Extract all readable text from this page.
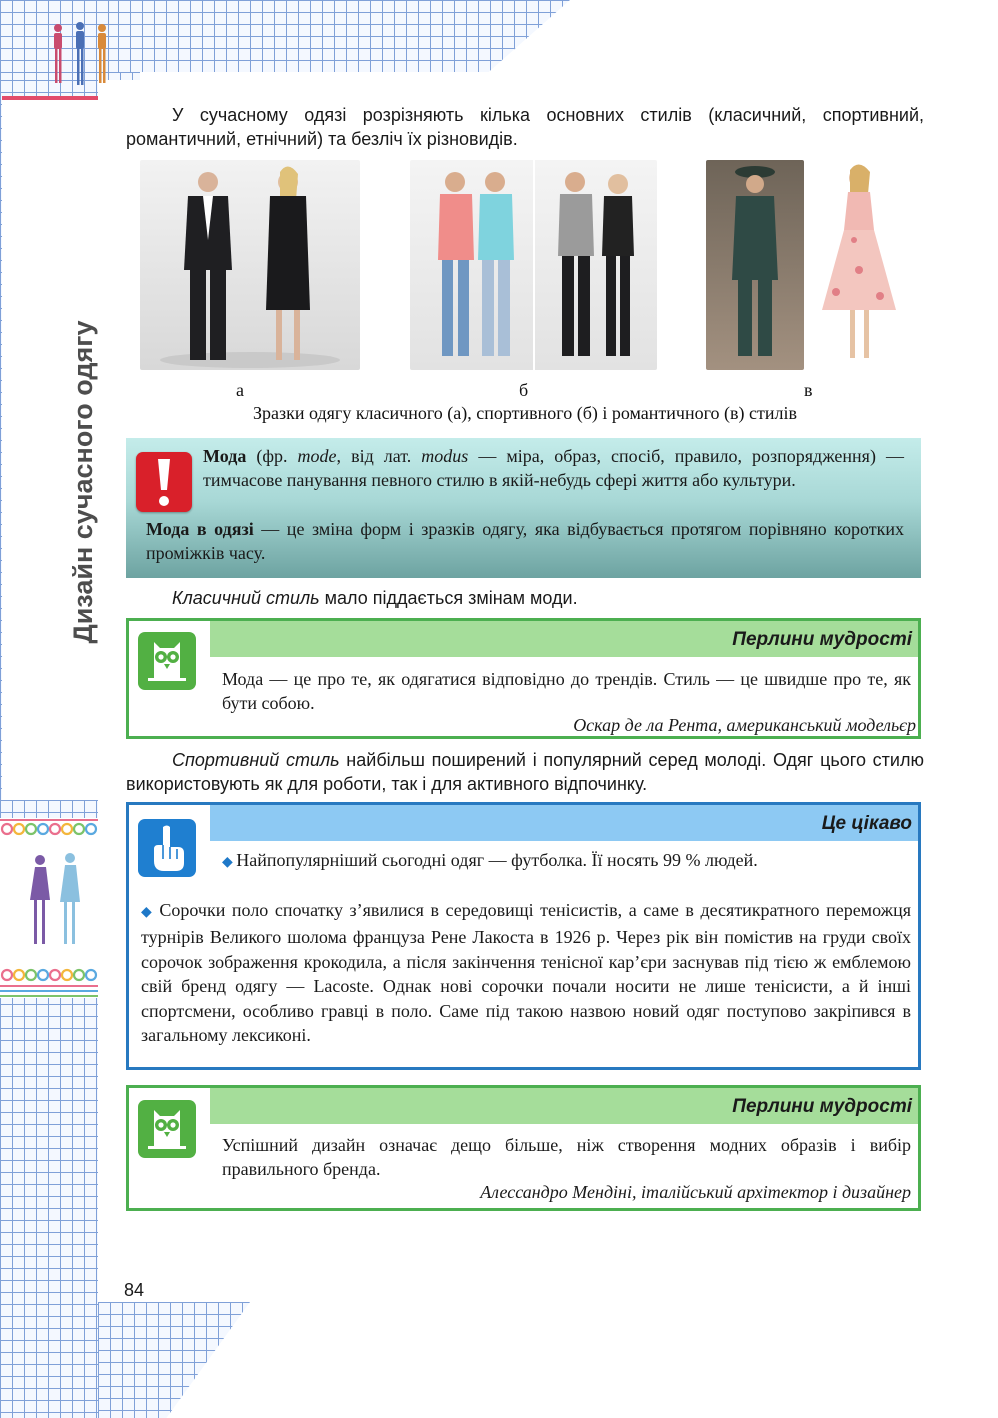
Дизайн сучасного одягу

У сучасному одязі розрізняють кілька основних стилів (класичний, спортивний, романтичний, етнічний) та безліч їх різновидів.

а	б	в
Зразки одягу класичного (а), спортивного (б) і романтичного (в) стилів

Мода (фр. mode, від лат. modus — міра, образ, спосіб, правило, розпорядження) — тимчасове панування певного стилю в якій-небудь сфері життя або культури.

Мода в одязі — це зміна форм і зразків одягу, яка відбувається протягом порівняно коротких проміжків часу.

Класичний стиль мало піддається змінам моди.

Перлини мудрості

Мода — це про те, як одягатися відповідно до трендів. Стиль — це швидше про те, як бути собою.

Оскар де ла Рента, американський модельєр

Спортивний стиль найбільш поширений і популярний серед молоді. Одяг цього стилю використовують як для роботи, так і для активного відпочинку.

Це цікаво

◆ Найпопулярніший сьогодні одяг — футболка. Її носять 99 % людей.

◆ Сорочки поло спочатку з’явилися в середовищі тенісистів, а саме в десятикратного переможця турнірів Великого шолома француза Рене Лакоста в 1926 р. Через рік він помістив на груди своїх сорочок зображення крокодила, а після закінчення тенісної кар’єри заснував під тією ж емблемою свій бренд одягу — Lacoste. Однак нові сорочки почали носити не лише тенісисти, а й інші спортсмени, особливо гравці в поло. Саме під такою назвою новий одяг поступово закріпився в загальному лексиконі.

Перлини мудрості

Успішний дизайн означає дещо більше, ніж створення модних образів і вибір правильного бренда.

Алессандро Мендіні, італійський архітектор і дизайнер
84
